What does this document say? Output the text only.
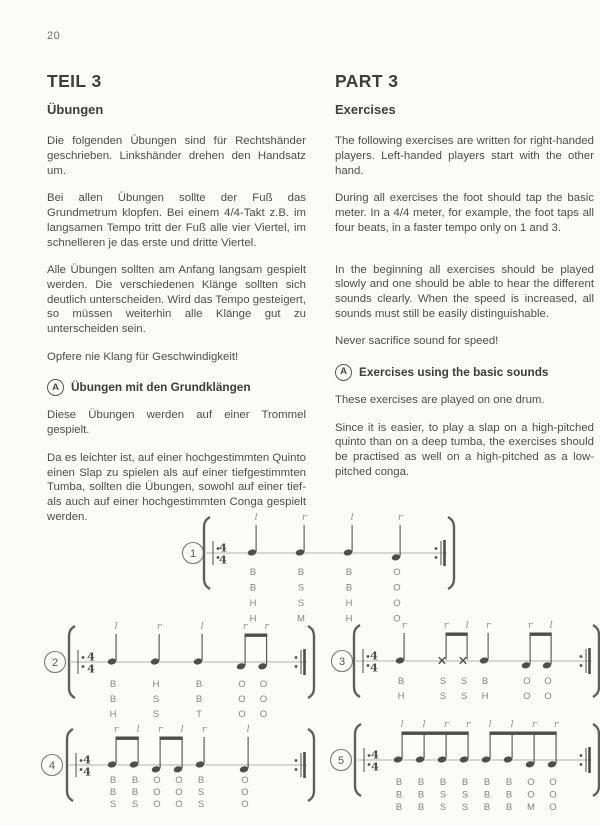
20
TEIL 3
Übungen

Die folgenden Übungen sind für Rechtshänder geschrieben. Linkshänder drehen den Handsatz um.

Bei allen Übungen sollte der Fuß das Grundmetrum klopfen. Bei einem 4/4-Takt z.B. im langsamen Tempo tritt der Fuß alle vier Viertel, im schnelleren je das erste und dritte Viertel.

Alle Übungen sollten am Anfang langsam gespielt werden. Die verschiedenen Klänge sollten sich deutlich unterscheiden. Wird das Tempo gesteigert, so müssen weiterhin alle Klänge gut zu unterscheiden sein.

Opfere nie Klang für Geschwindigkeit!

A	Übungen mit den Grundklängen

Diese Übungen werden auf einer Trommel gespielt.

Da es leichter ist, auf einer hochgestimmten Quinto einen Slap zu spielen als auf einer tiefgestimmten Tumba, sollten die Übungen, sowohl auf einer tief- als auch auf einer hochgestimmten Conga gespielt werden.

PART 3
Exercises

The following exercises are written for right-handed players. Left-handed players start with the other hand.

During all exercises the foot should tap the basic meter. In a 4/4 meter, for example, the foot taps all four beats, in a faster tempo only on 1 and 3.

In the beginning all exercises should be played slowly and one should be able to hear the different sounds clearly. When the speed is increased, all sounds must still be easily distinguishable.

Never sacrifice sound for speed!

A	Exercises using the basic sounds

These exercises are played on one drum.

Since it is easier, to play a slap on a high-pitched quinto than on a deep tumba, the exercises should be practised as well on a high-pitched as a low-pitched conga.

1 4
4
l
B
B
H
H
r
B
S
S
M
l
B
B
H
H
r
O
O
O
O
2	4
4
l
B
B
H
r
H
S
S
l
B
B
T
r
O
O
O
r
O
O
O
3 4
4
r
B
H
r
S
S
l
S
S
r
B
H
r
O
O
l
O
O
4 4
4
r
B
B
S
l
B
B
S
r
O
O
O
l
O
O
O
r
B
S
S
l
O
O
O
5 4
4
l
B
B
B
l
B
B
B
r
B
S
S
r
B
S
S
l
B
B
B
l
B
B
B
r
O
O
M
r
O
O
O
